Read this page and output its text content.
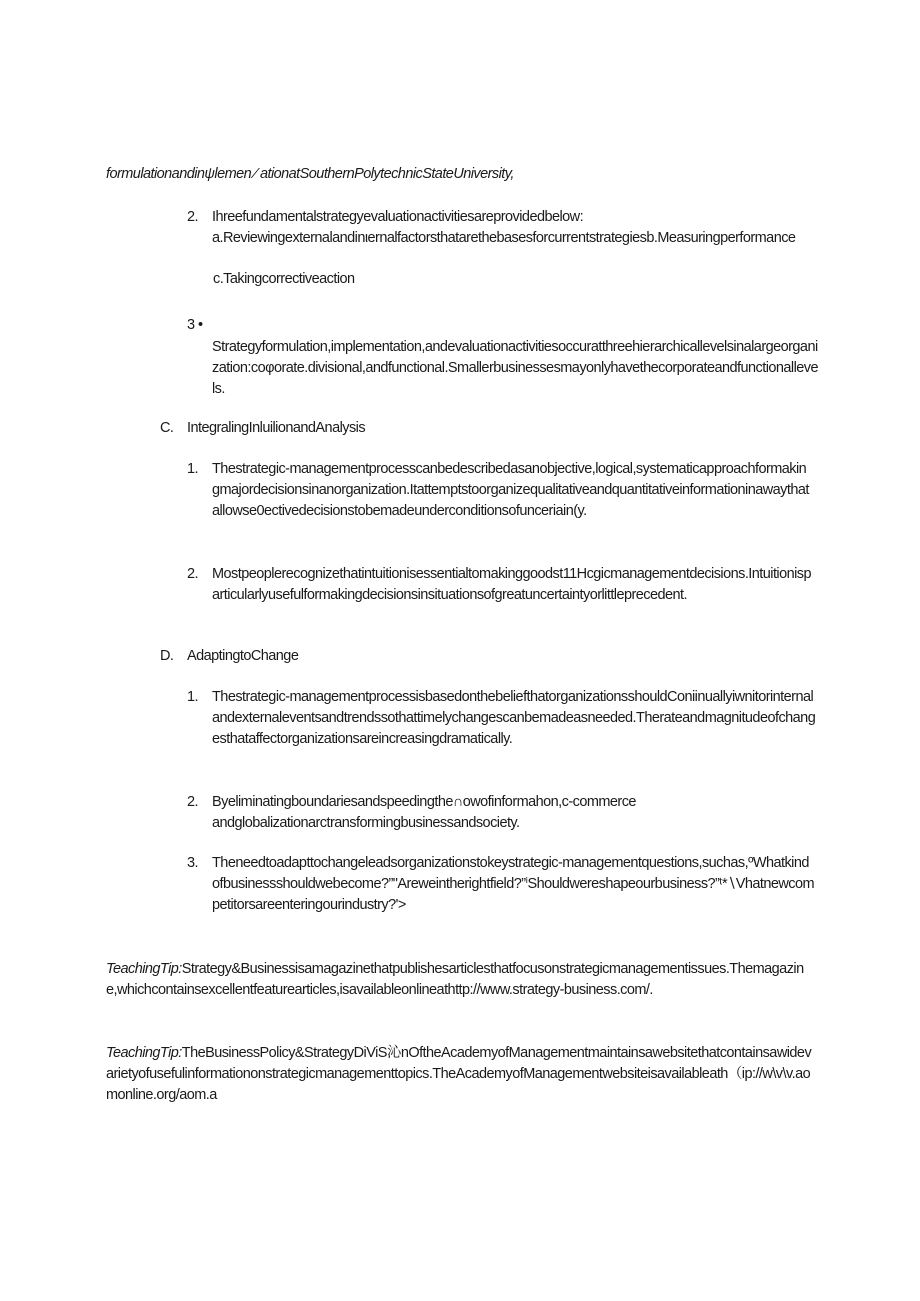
formulationandinψlemen ∕ ationatSouthernPolytechnicStateUniversity,
2. Ihreefundamentalstrategyevaluationactivitiesareprovidedbelow:
a.Reviewingexternalandinιernalfactorsthatarethebasesforcurrentstrategiesb.Measuringperformance
c.Takingcorrectiveaction
3 •
Strategyformulation,implementation,andevaluationactivitiesoccuratthreehierarchicallevelsinalargeorganization:coφorate.divisional,andfunctional.Smallerbusinessesmayonlyhavethecorporateandfunctionallevels.
C. IntegralingInluilionandAnalysis
1. Thestrategic-managementprocesscanbedescribedasanobjective,logical,systematicapproachformakingmajordecisionsinanorganization.Itattemptstoorganizequalitativeandquantitativeinformationinawaythatallowse0ectivedecisionstobemadeunderconditionsofunceriain(y.
2. Mostpeoplerecognizethatintuitionisessentialtomakinggoodst11Hcgicmanagementdecisions.Intuitionisparticularlyusefulformakingdecisionsinsituationsofgreatuncertaintyorlittleprecedent.
D. AdaptingtoChange
1. Thestrategic-managementprocessisbasedonthebeliefthatorganizationsshouldConiinuallyiwnitorinternalandexternaleventsandtrendssothattimelychangescanbemadeasneeded.Therateandmagnitudeofchangesthataffectorganizationsareincreasingdramatically.
2. Byeliminatingboundariesandspeedingthe∩owofinformahon,c-commerceandglobalizationarctransformingbusinessandsociety.
3. Theneedtoadapttochangeleadsorganizationstokeystrategic-managementquestions,suchas,ºWhatkindofbusinessshouldwebecome?”"Areweintherightfield?”ⁱShouldwereshapeourbusiness?”ᵗ*∖Vhatnewcompetitorsareenteringourindustry?'>
TeachingTip:Strategy&Businessisamagazinethatpublishesarticlesthatfocusonstrategicmanagementissues.Themagazine,whichcontainsexcellentfeaturearticles,isavailableonlineathttp://www.strategy-business.com/.
TeachingTip:TheBusinessPolicy&StrategyDiViS沁nOftheAcademyofManagementmaintainsawebsitethatcontainsawidevarietyofusefulinformationonstrategicmanagementtopics.TheAcademyofManagementwebsiteisavailableath（ip://w\v\v.aomonline.org/aom.a
